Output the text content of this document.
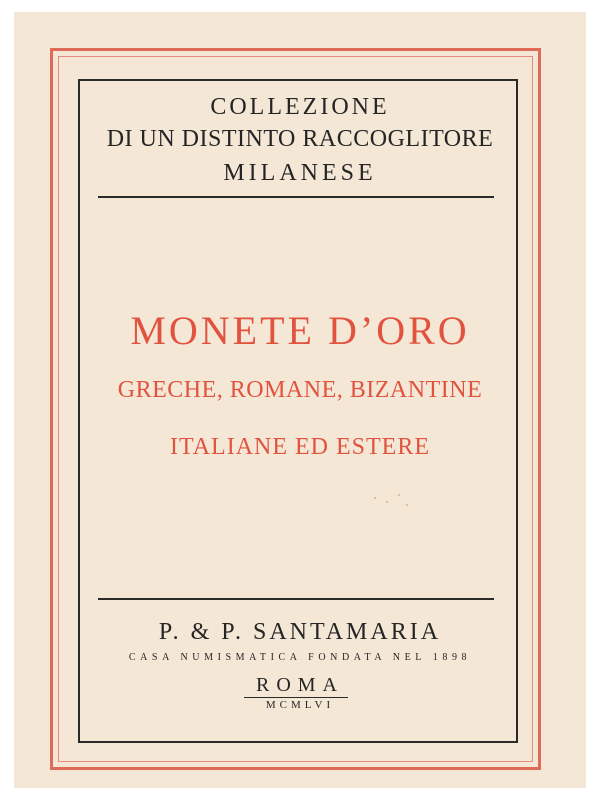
COLLEZIONE
DI UN DISTINTO RACCOGLITORE
MILANESE
MONETE D’ORO
GRECHE, ROMANE, BIZANTINE
ITALIANE ED ESTERE
P. & P. SANTAMARIA
CASA NUMISMATICA FONDATA NEL 1898
ROMA
MCMLVI
